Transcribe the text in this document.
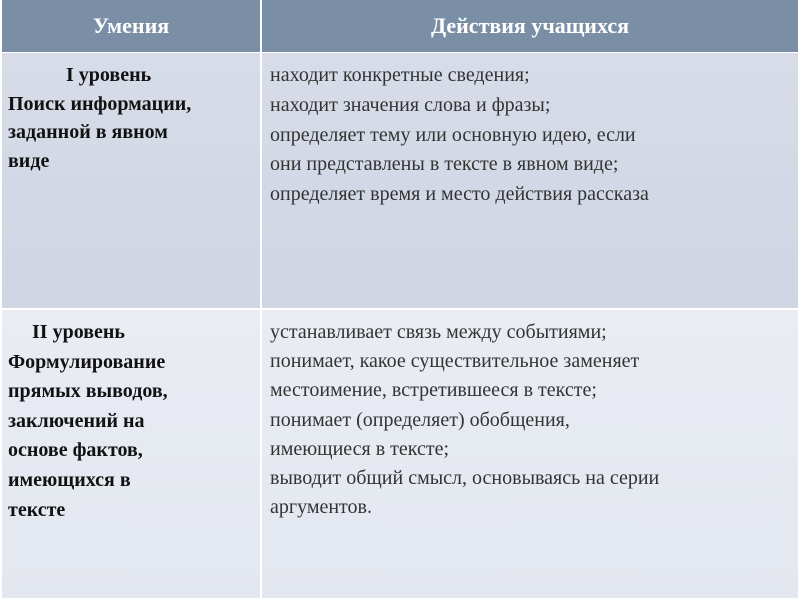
Умения	Действия учащихся
I уровень
Поиск информации,
заданной в явном
виде
находит конкретные сведения;
находит значения слова и фразы;
определяет тему или основную идею, если
они представлены в тексте в явном виде;
определяет время и место действия рассказа
II уровень
Формулирование
прямых выводов,
заключений на
основе фактов,
имеющихся в
тексте
устанавливает связь между событиями;
понимает, какое существительное заменяет
местоимение, встретившееся в тексте;
понимает (определяет) обобщения,
имеющиеся в тексте;
выводит общий смысл, основываясь на серии
аргументов.
